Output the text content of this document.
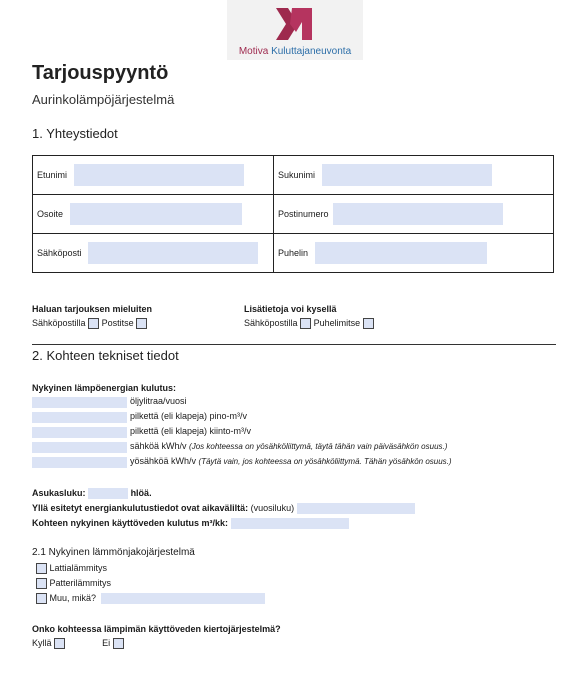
Motiva Kuluttajaneuvonta
Tarjouspyyntö
Aurinkolämpöjärjestelmä
1. Yhteystiedot
Etunimi	Sukunimi
Osoite	Postinumero
Sähköposti	Puhelin
Haluan tarjouksen mieluiten
Sähköpostilla Postitse
Lisätietoja voi kysellä
Sähköpostilla Puhelimitse
2. Kohteen tekniset tiedot
Nykyinen lämpöenergian kulutus:
öljylitraa/vuosi
pilkettä (eli klapeja) pino-m³/v
pilkettä (eli klapeja) kiinto-m³/v
sähköä kWh/v (Jos kohteessa on yösähköliittymä, täytä tähän vain päiväsähkön osuus.)
yösähköä kWh/v (Täytä vain, jos kohteessa on yösähköliittymä. Tähän yösähkön osuus.)
Asukasluku:	hlöä.
Yllä esitetyt energiankulutustiedot ovat aikaväliltä: (vuosiluku)
Kohteen nykyinen käyttöveden kulutus m³/kk:
2.1 Nykyinen lämmönjakojärjestelmä
Lattialämmitys
Patterilämmitys
Muu, mikä?
Onko kohteessa lämpimän käyttöveden kiertojärjestelmä?
Kyllä	Ei
